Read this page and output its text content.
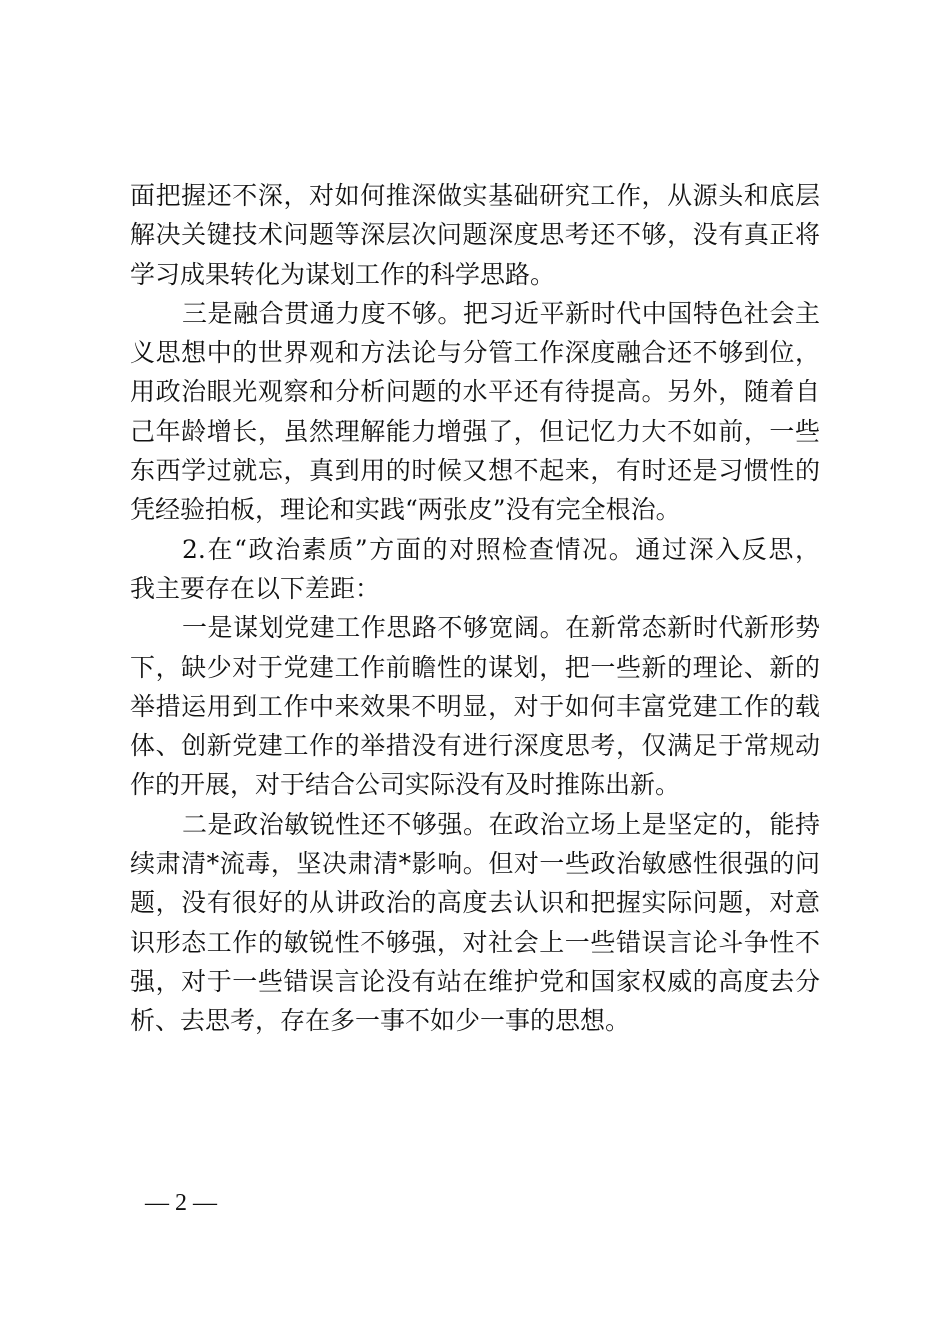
面把握还不深，对如何推深做实基础研究工作，从源头和底层
解决关键技术问题等深层次问题深度思考还不够，没有真正将
学习成果转化为谋划工作的科学思路。
三是融合贯通力度不够。把习近平新时代中国特色社会主
义思想中的世界观和方法论与分管工作深度融合还不够到位，
用政治眼光观察和分析问题的水平还有待提高。另外，随着自
己年龄增长，虽然理解能力增强了，但记忆力大不如前，一些
东西学过就忘，真到用的时候又想不起来，有时还是习惯性的
凭经验拍板，理论和实践“两张皮”没有完全根治。
2.在“政治素质”方面的对照检查情况。通过深入反思，
我主要存在以下差距：
一是谋划党建工作思路不够宽阔。在新常态新时代新形势
下，缺少对于党建工作前瞻性的谋划，把一些新的理论、新的
举措运用到工作中来效果不明显，对于如何丰富党建工作的载
体、创新党建工作的举措没有进行深度思考，仅满足于常规动
作的开展，对于结合公司实际没有及时推陈出新。
二是政治敏锐性还不够强。在政治立场上是坚定的，能持
续肃清*流毒，坚决肃清*影响。但对一些政治敏感性很强的问
题，没有很好的从讲政治的高度去认识和把握实际问题，对意
识形态工作的敏锐性不够强，对社会上一些错误言论斗争性不
强，对于一些错误言论没有站在维护党和国家权威的高度去分
析、去思考，存在多一事不如少一事的思想。
— 2 —
